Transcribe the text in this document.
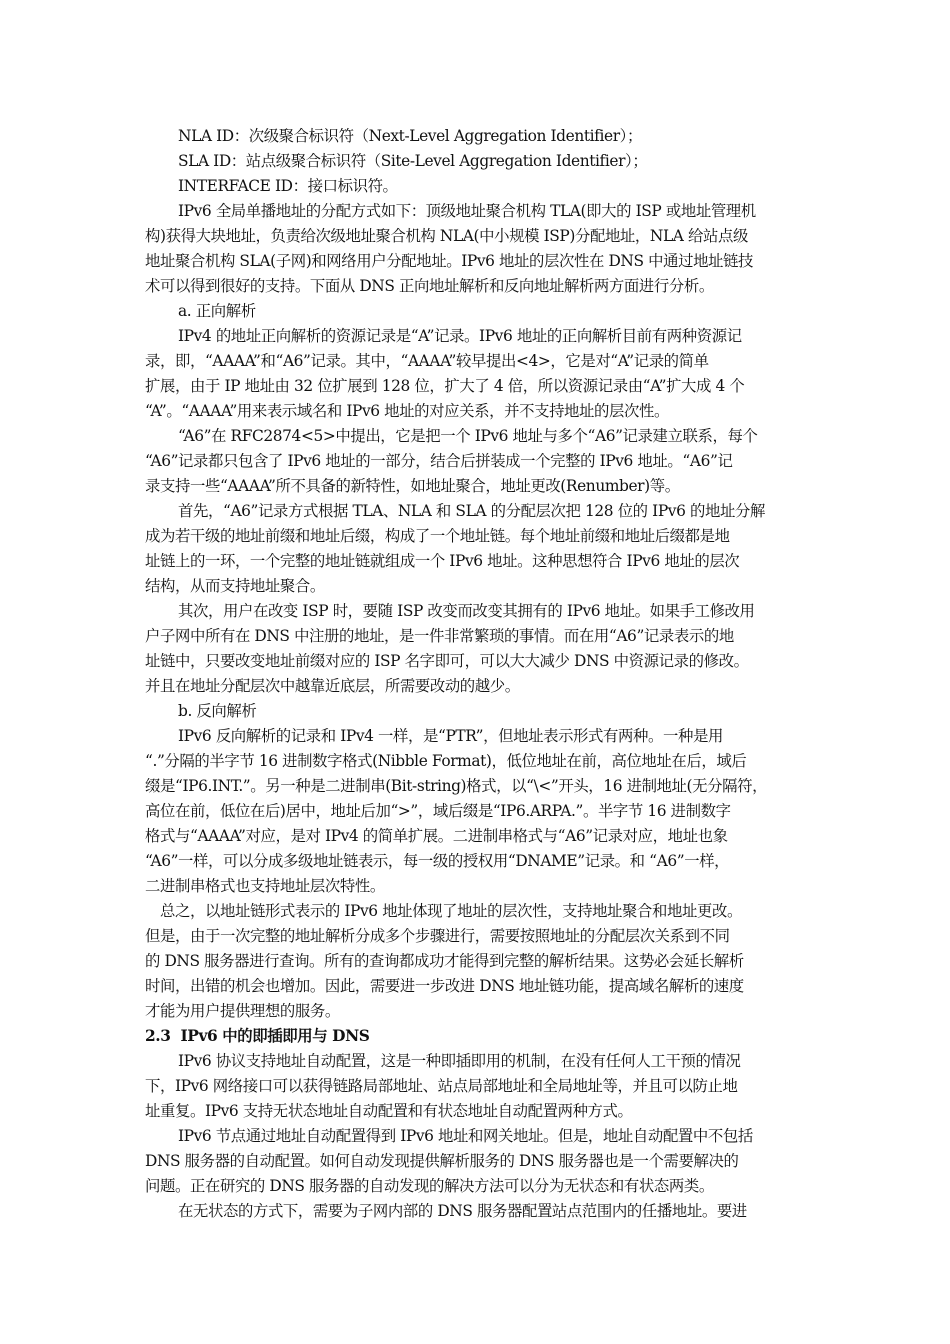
NLA ID：次级聚合标识符（Next-Level Aggregation Identifier）；
SLA ID：站点级聚合标识符（Site-Level Aggregation Identifier）；
INTERFACE ID：接口标识符。
IPv6 全局单播地址的分配方式如下：顶级地址聚合机构 TLA(即大的 ISP 或地址管理机
构)获得大块地址，负责给次级地址聚合机构 NLA(中小规模 ISP)分配地址，NLA 给站点级
地址聚合机构 SLA(子网)和网络用户分配地址。IPv6 地址的层次性在 DNS 中通过地址链技
术可以得到很好的支持。下面从 DNS 正向地址解析和反向地址解析两方面进行分析。
a. 正向解析
IPv4 的地址正向解析的资源记录是“A”记录。IPv6 地址的正向解析目前有两种资源记
录，即，“AAAA”和“A6”记录。其中，“AAAA”较早提出<4>，它是对“A”记录的简单
扩展，由于 IP 地址由 32 位扩展到 128 位，扩大了 4 倍，所以资源记录由“A”扩大成 4 个
“A”。“AAAA”用来表示域名和 IPv6 地址的对应关系，并不支持地址的层次性。
“A6”在 RFC2874<5>中提出，它是把一个 IPv6 地址与多个“A6”记录建立联系，每个
“A6”记录都只包含了 IPv6 地址的一部分，结合后拼装成一个完整的 IPv6 地址。“A6”记
录支持一些“AAAA”所不具备的新特性，如地址聚合，地址更改(Renumber)等。
首先，“A6”记录方式根据 TLA、NLA 和 SLA 的分配层次把 128 位的 IPv6 的地址分解
成为若干级的地址前缀和地址后缀，构成了一个地址链。每个地址前缀和地址后缀都是地
址链上的一环，一个完整的地址链就组成一个 IPv6 地址。这种思想符合 IPv6 地址的层次
结构，从而支持地址聚合。
其次，用户在改变 ISP 时，要随 ISP 改变而改变其拥有的 IPv6 地址。如果手工修改用
户子网中所有在 DNS 中注册的地址，是一件非常繁琐的事情。而在用“A6”记录表示的地
址链中，只要改变地址前缀对应的 ISP 名字即可，可以大大减少 DNS 中资源记录的修改。
并且在地址分配层次中越靠近底层，所需要改动的越少。
b. 反向解析
IPv6 反向解析的记录和 IPv4 一样，是“PTR”，但地址表示形式有两种。一种是用
“.”分隔的半字节 16 进制数字格式(Nibble Format)，低位地址在前，高位地址在后，域后
缀是“IP6.INT.”。另一种是二进制串(Bit-string)格式，以“\<”开头，16 进制地址(无分隔符，
高位在前，低位在后)居中，地址后加“>”，域后缀是“IP6.ARPA.”。半字节 16 进制数字
格式与“AAAA”对应，是对 IPv4 的简单扩展。二进制串格式与“A6”记录对应，地址也象
“A6”一样，可以分成多级地址链表示，每一级的授权用“DNAME”记录。和 “A6”一样，
二进制串格式也支持地址层次特性。
总之，以地址链形式表示的 IPv6 地址体现了地址的层次性，支持地址聚合和地址更改。
但是，由于一次完整的地址解析分成多个步骤进行，需要按照地址的分配层次关系到不同
的 DNS 服务器进行查询。所有的查询都成功才能得到完整的解析结果。这势必会延长解析
时间，出错的机会也增加。因此，需要进一步改进 DNS 地址链功能，提高域名解析的速度
才能为用户提供理想的服务。
2.3  IPv6 中的即插即用与 DNS
IPv6 协议支持地址自动配置，这是一种即插即用的机制，在没有任何人工干预的情况
下，IPv6 网络接口可以获得链路局部地址、站点局部地址和全局地址等，并且可以防止地
址重复。IPv6 支持无状态地址自动配置和有状态地址自动配置两种方式。
IPv6 节点通过地址自动配置得到 IPv6 地址和网关地址。但是，地址自动配置中不包括
DNS 服务器的自动配置。如何自动发现提供解析服务的 DNS 服务器也是一个需要解决的
问题。正在研究的 DNS 服务器的自动发现的解决方法可以分为无状态和有状态两类。
在无状态的方式下，需要为子网内部的 DNS 服务器配置站点范围内的任播地址。要进
